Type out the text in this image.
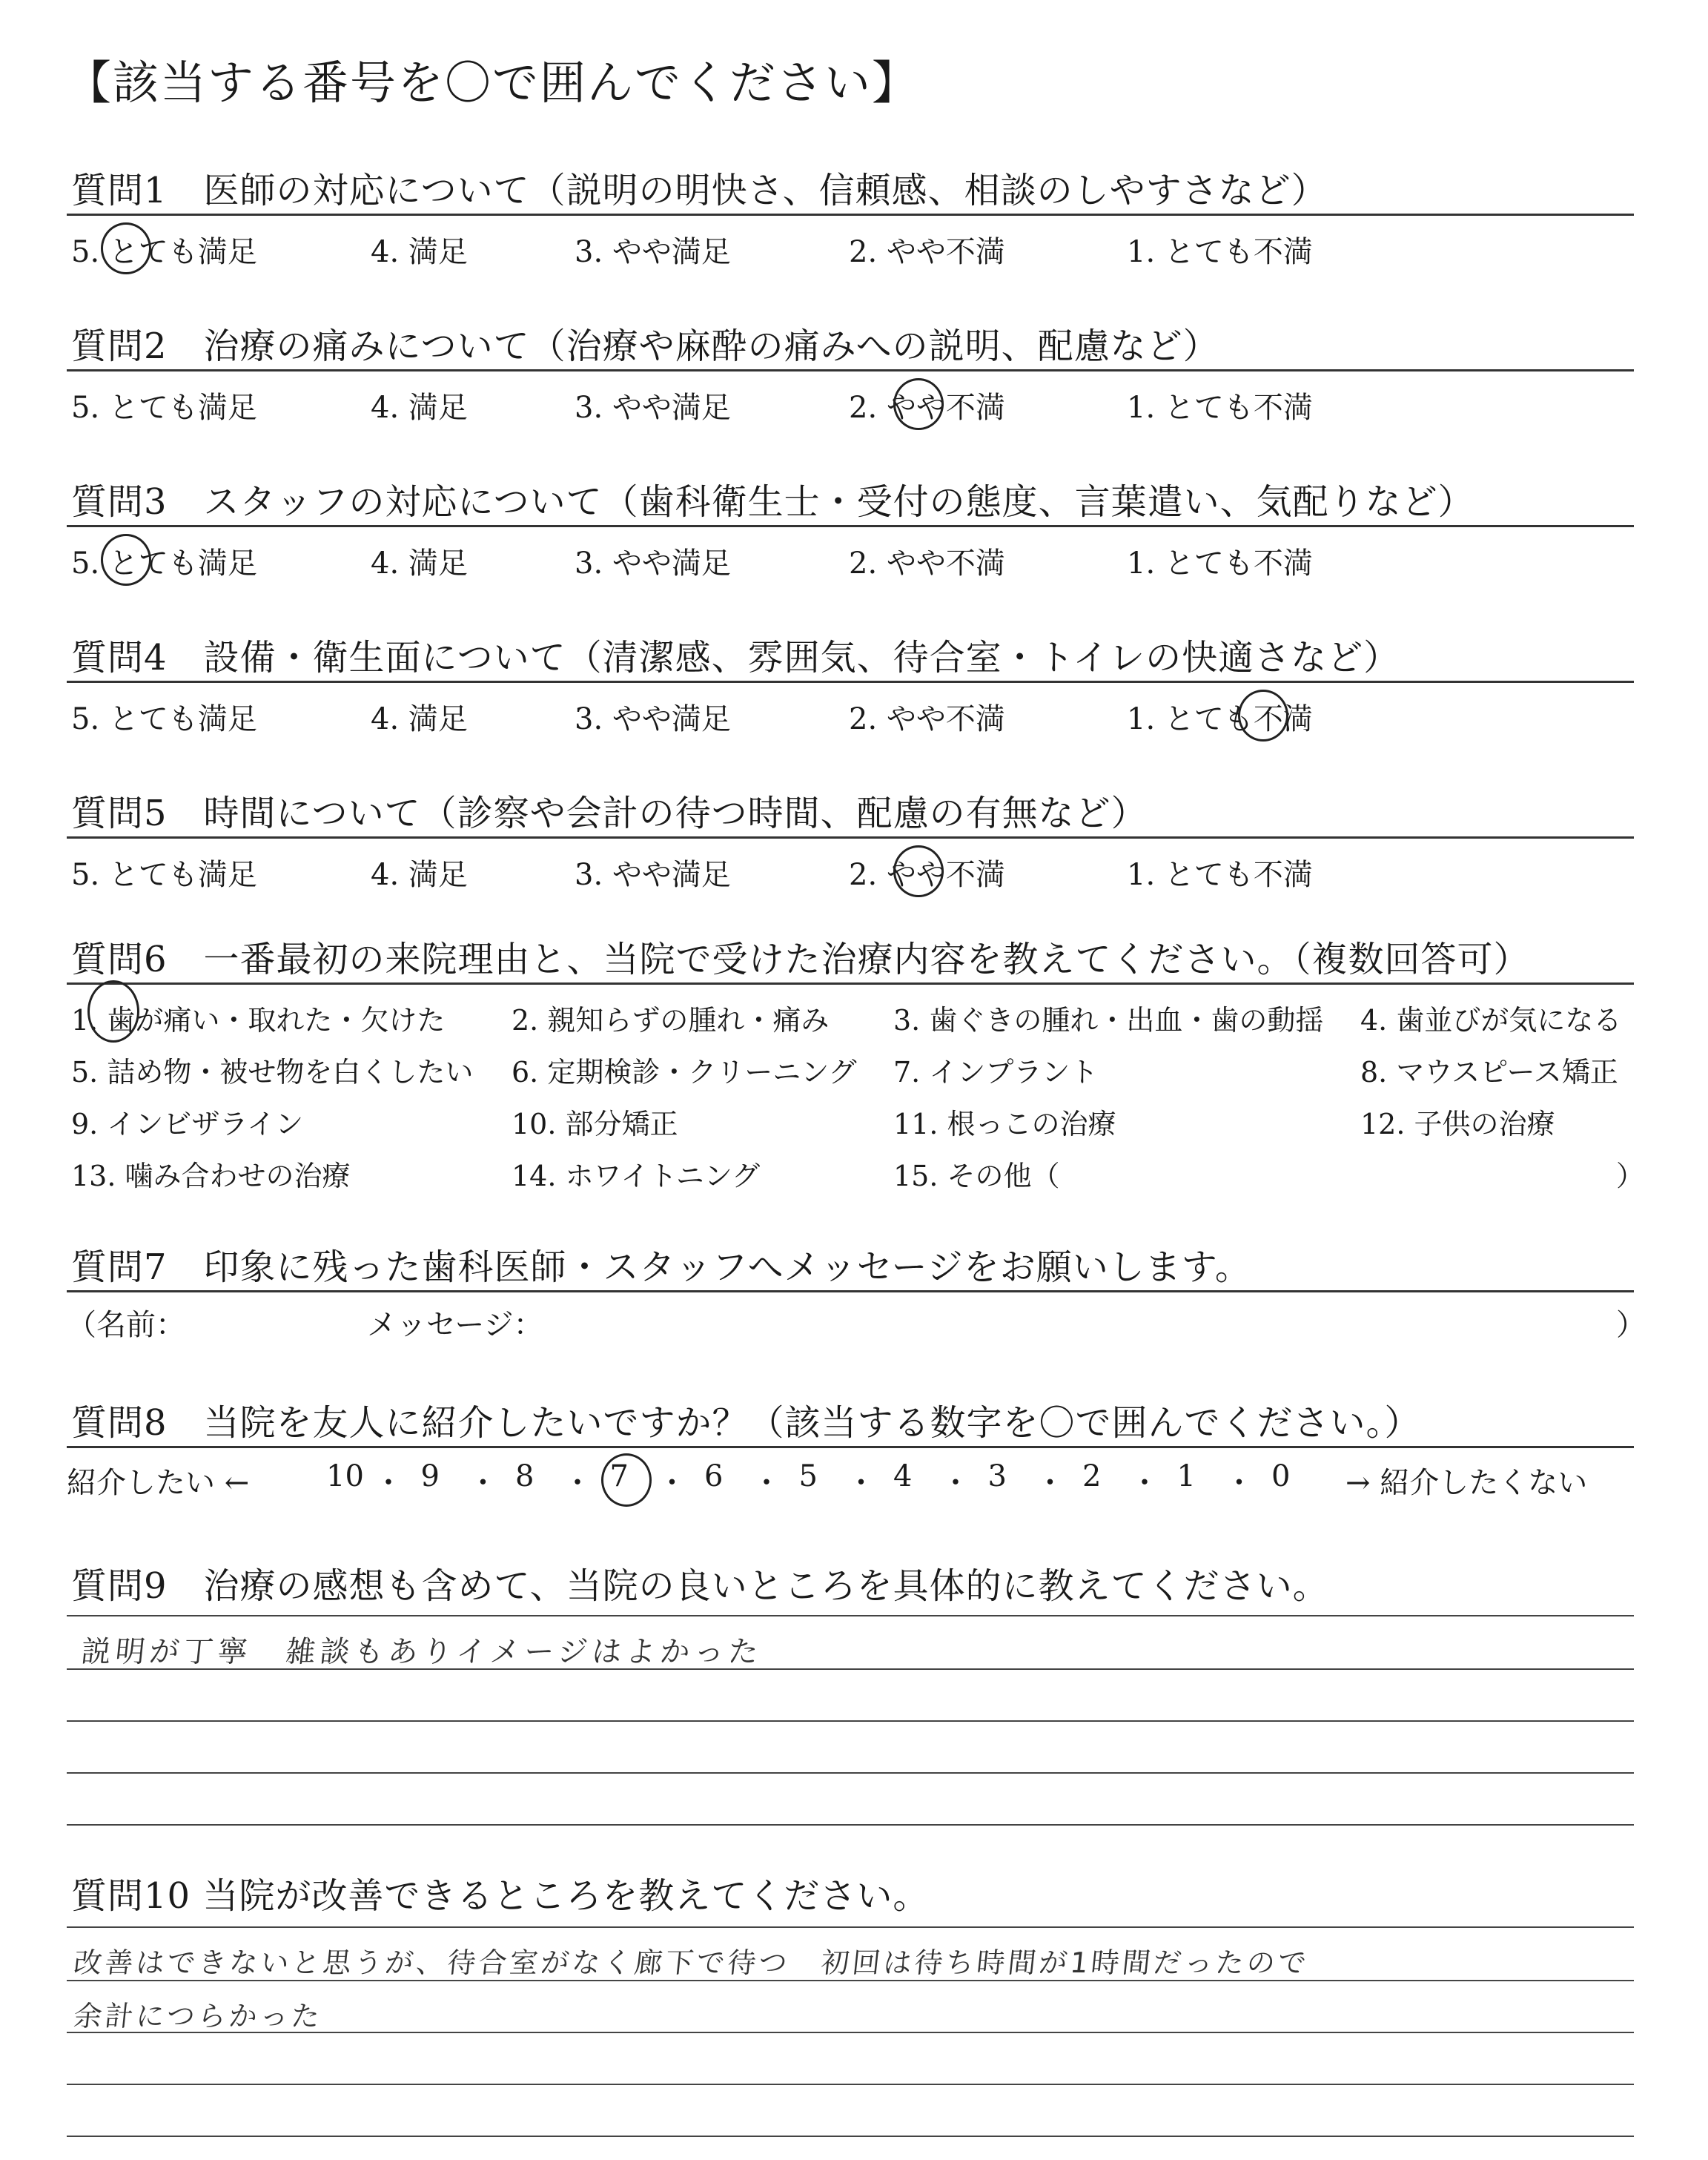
【該当する番号を〇で囲んでください】
質問1　医師の対応について（説明の明快さ、信頼感、相談のしやすさなど）
5. とても満足	4. 満足	3. やや満足	2. やや不満	1. とても不満
質問2　治療の痛みについて（治療や麻酔の痛みへの説明、配慮など）
5. とても満足	4. 満足	3. やや満足	2. やや不満	1. とても不満
質問3　スタッフの対応について（歯科衛生士・受付の態度、言葉遣い、気配りなど）
5. とても満足	4. 満足	3. やや満足	2. やや不満	1. とても不満
質問4　設備・衛生面について（清潔感、雰囲気、待合室・トイレの快適さなど）
5. とても満足	4. 満足	3. やや満足	2. やや不満	1. とても不満
質問5　時間について（診察や会計の待つ時間、配慮の有無など）
5. とても満足	4. 満足	3. やや満足	2. やや不満	1. とても不満
質問6　一番最初の来院理由と、当院で受けた治療内容を教えてください。（複数回答可）
1. 歯が痛い・取れた・欠けた 2. 親知らずの腫れ・痛み 3. 歯ぐきの腫れ・出血・歯の動揺 4. 歯並びが気になる
5. 詰め物・被せ物を白くしたい 6. 定期検診・クリーニング 7. インプラント	8. マウスピース矯正
9. インビザライン	10. 部分矯正	11. 根っこの治療	12. 子供の治療
13. 噛み合わせの治療	14. ホワイトニング	15. その他（	）
質問7　印象に残った歯科医師・スタッフへメッセージをお願いします。
（名前：	メッセージ：	）
質問8　当院を友人に紹介したいですか？（該当する数字を〇で囲んでください。）
紹介したい ←	→ 紹介したくない
10 ・ 9 ・ 8 ・ 7 ・ 6 ・ 5 ・ 4 ・ 3 ・ 2 ・ 1 ・ 0
質問9　治療の感想も含めて、当院の良いところを具体的に教えてください。
説明が丁寧　雑談もありイメージはよかった
質問10 当院が改善できるところを教えてください。
改善はできないと思うが、待合室がなく廊下で待つ　初回は待ち時間が1時間だったので
余計につらかった
